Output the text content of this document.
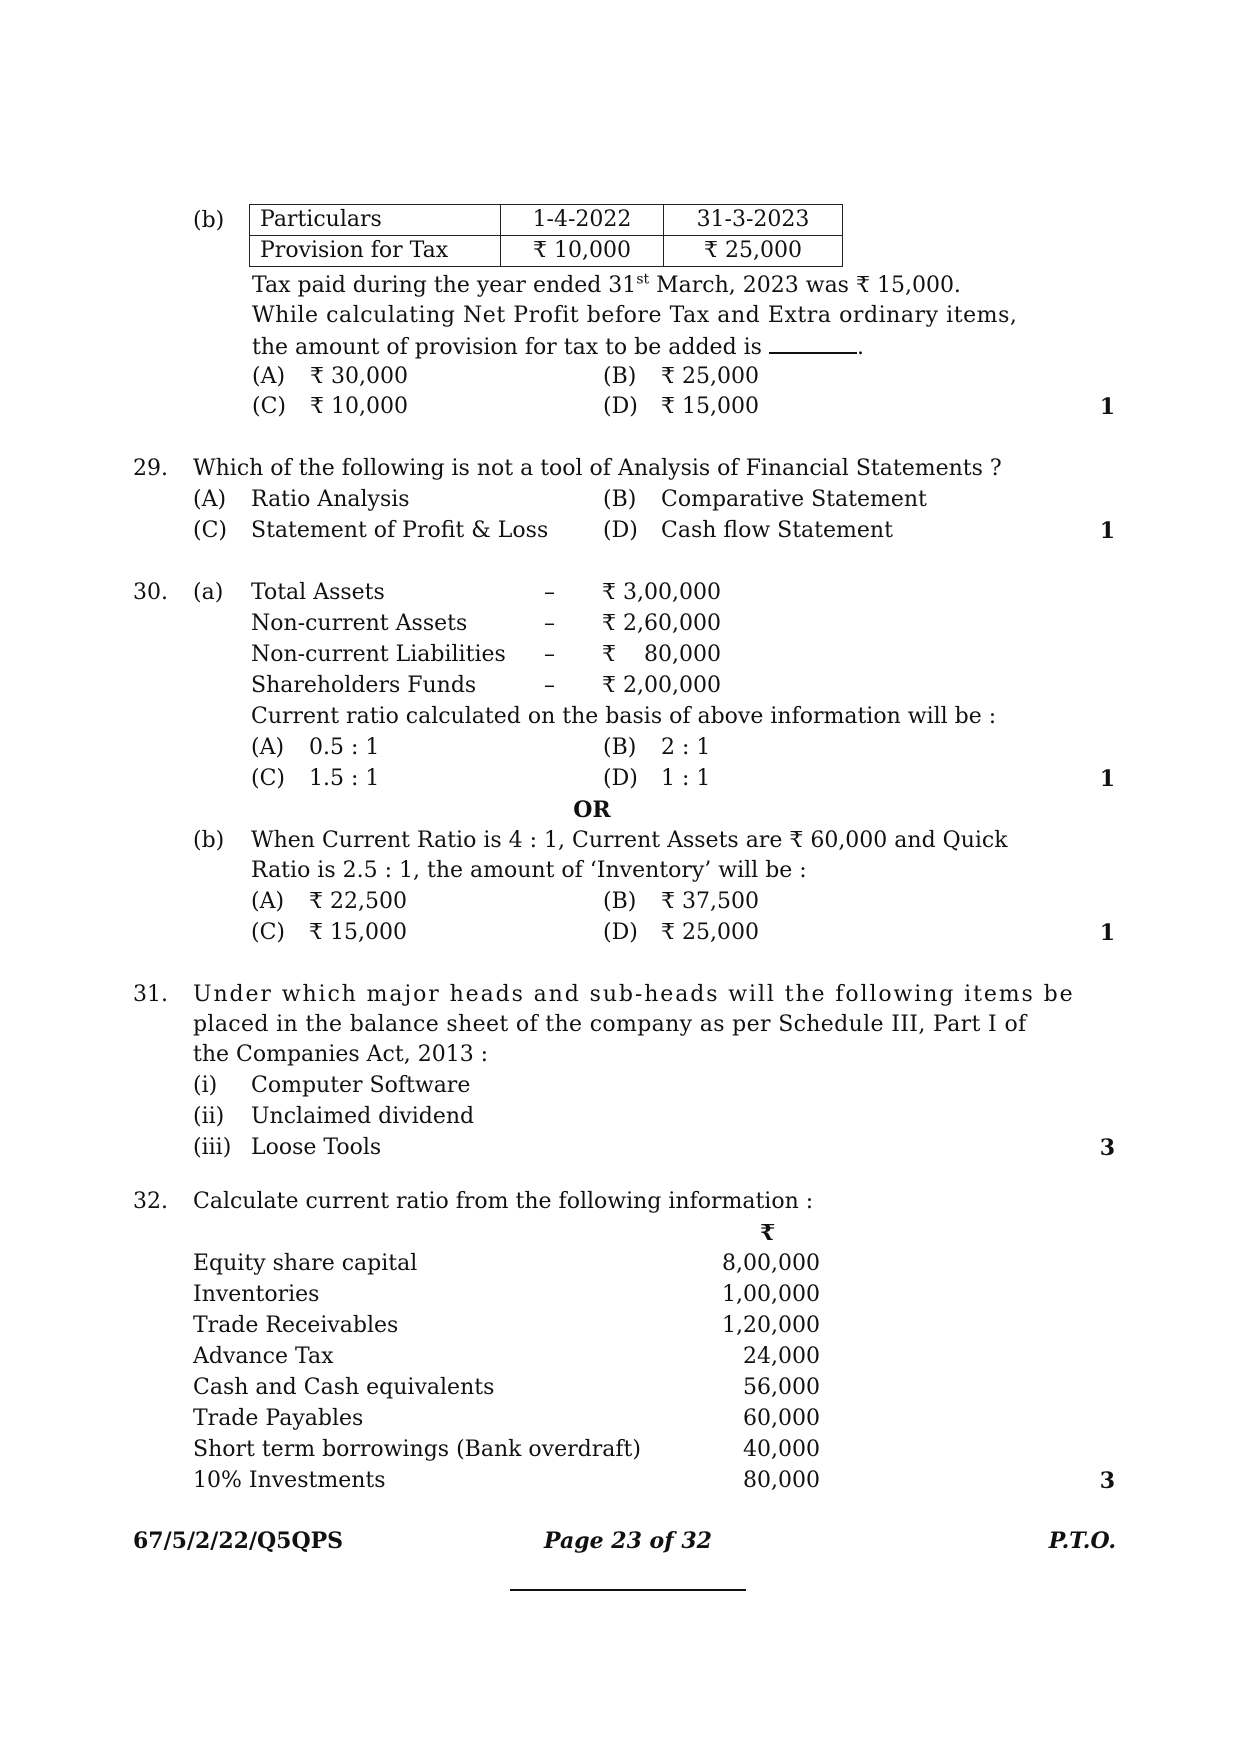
(b) Particulars	1-4-2022	31-3-2023
Provision for Tax	₹ 10,000	₹ 25,000
Tax paid during the year ended 31st March, 2023 was ₹ 15,000.
While calculating Net Profit before Tax and Extra ordinary items,
the amount of provision for tax to be added is	.
(A) ₹ 30,000	(B) ₹ 25,000
(C) ₹ 10,000	(D) ₹ 15,000	1
29. Which of the following is not a tool of Analysis of Financial Statements ?
(A) Ratio Analysis	(B) Comparative Statement
(C) Statement of Profit & Loss (D) Cash flow Statement	1
30. (a) Total Assets	– ₹ 3,00,000
Non-current Assets	– ₹ 2,60,000
Non-current Liabilities – ₹    80,000
Shareholders Funds	– ₹ 2,00,000
Current ratio calculated on the basis of above information will be :
(A) 0.5 : 1	(B) 2 : 1
(C) 1.5 : 1	(D) 1 : 1	1
OR
(b) When Current Ratio is 4 : 1, Current Assets are ₹ 60,000 and Quick
Ratio is 2.5 : 1, the amount of ‘Inventory’ will be :
(A) ₹ 22,500	(B) ₹ 37,500
(C) ₹ 15,000	(D) ₹ 25,000	1
31. Under which major heads and sub-heads will the following items be
placed in the balance sheet of the company as per Schedule III, Part I of
the Companies Act, 2013 :
(i) Computer Software
(ii) Unclaimed dividend
(iii) Loose Tools	3
32. Calculate current ratio from the following information :
₹
Equity share capital	8,00,000
Inventories	1,00,000
Trade Receivables	1,20,000
Advance Tax	24,000
Cash and Cash equivalents	56,000
Trade Payables	60,000
Short term borrowings (Bank overdraft)	40,000
10% Investments	80,000	3
67/5/2/22/Q5QPS	Page 23 of 32	P.T.O.
